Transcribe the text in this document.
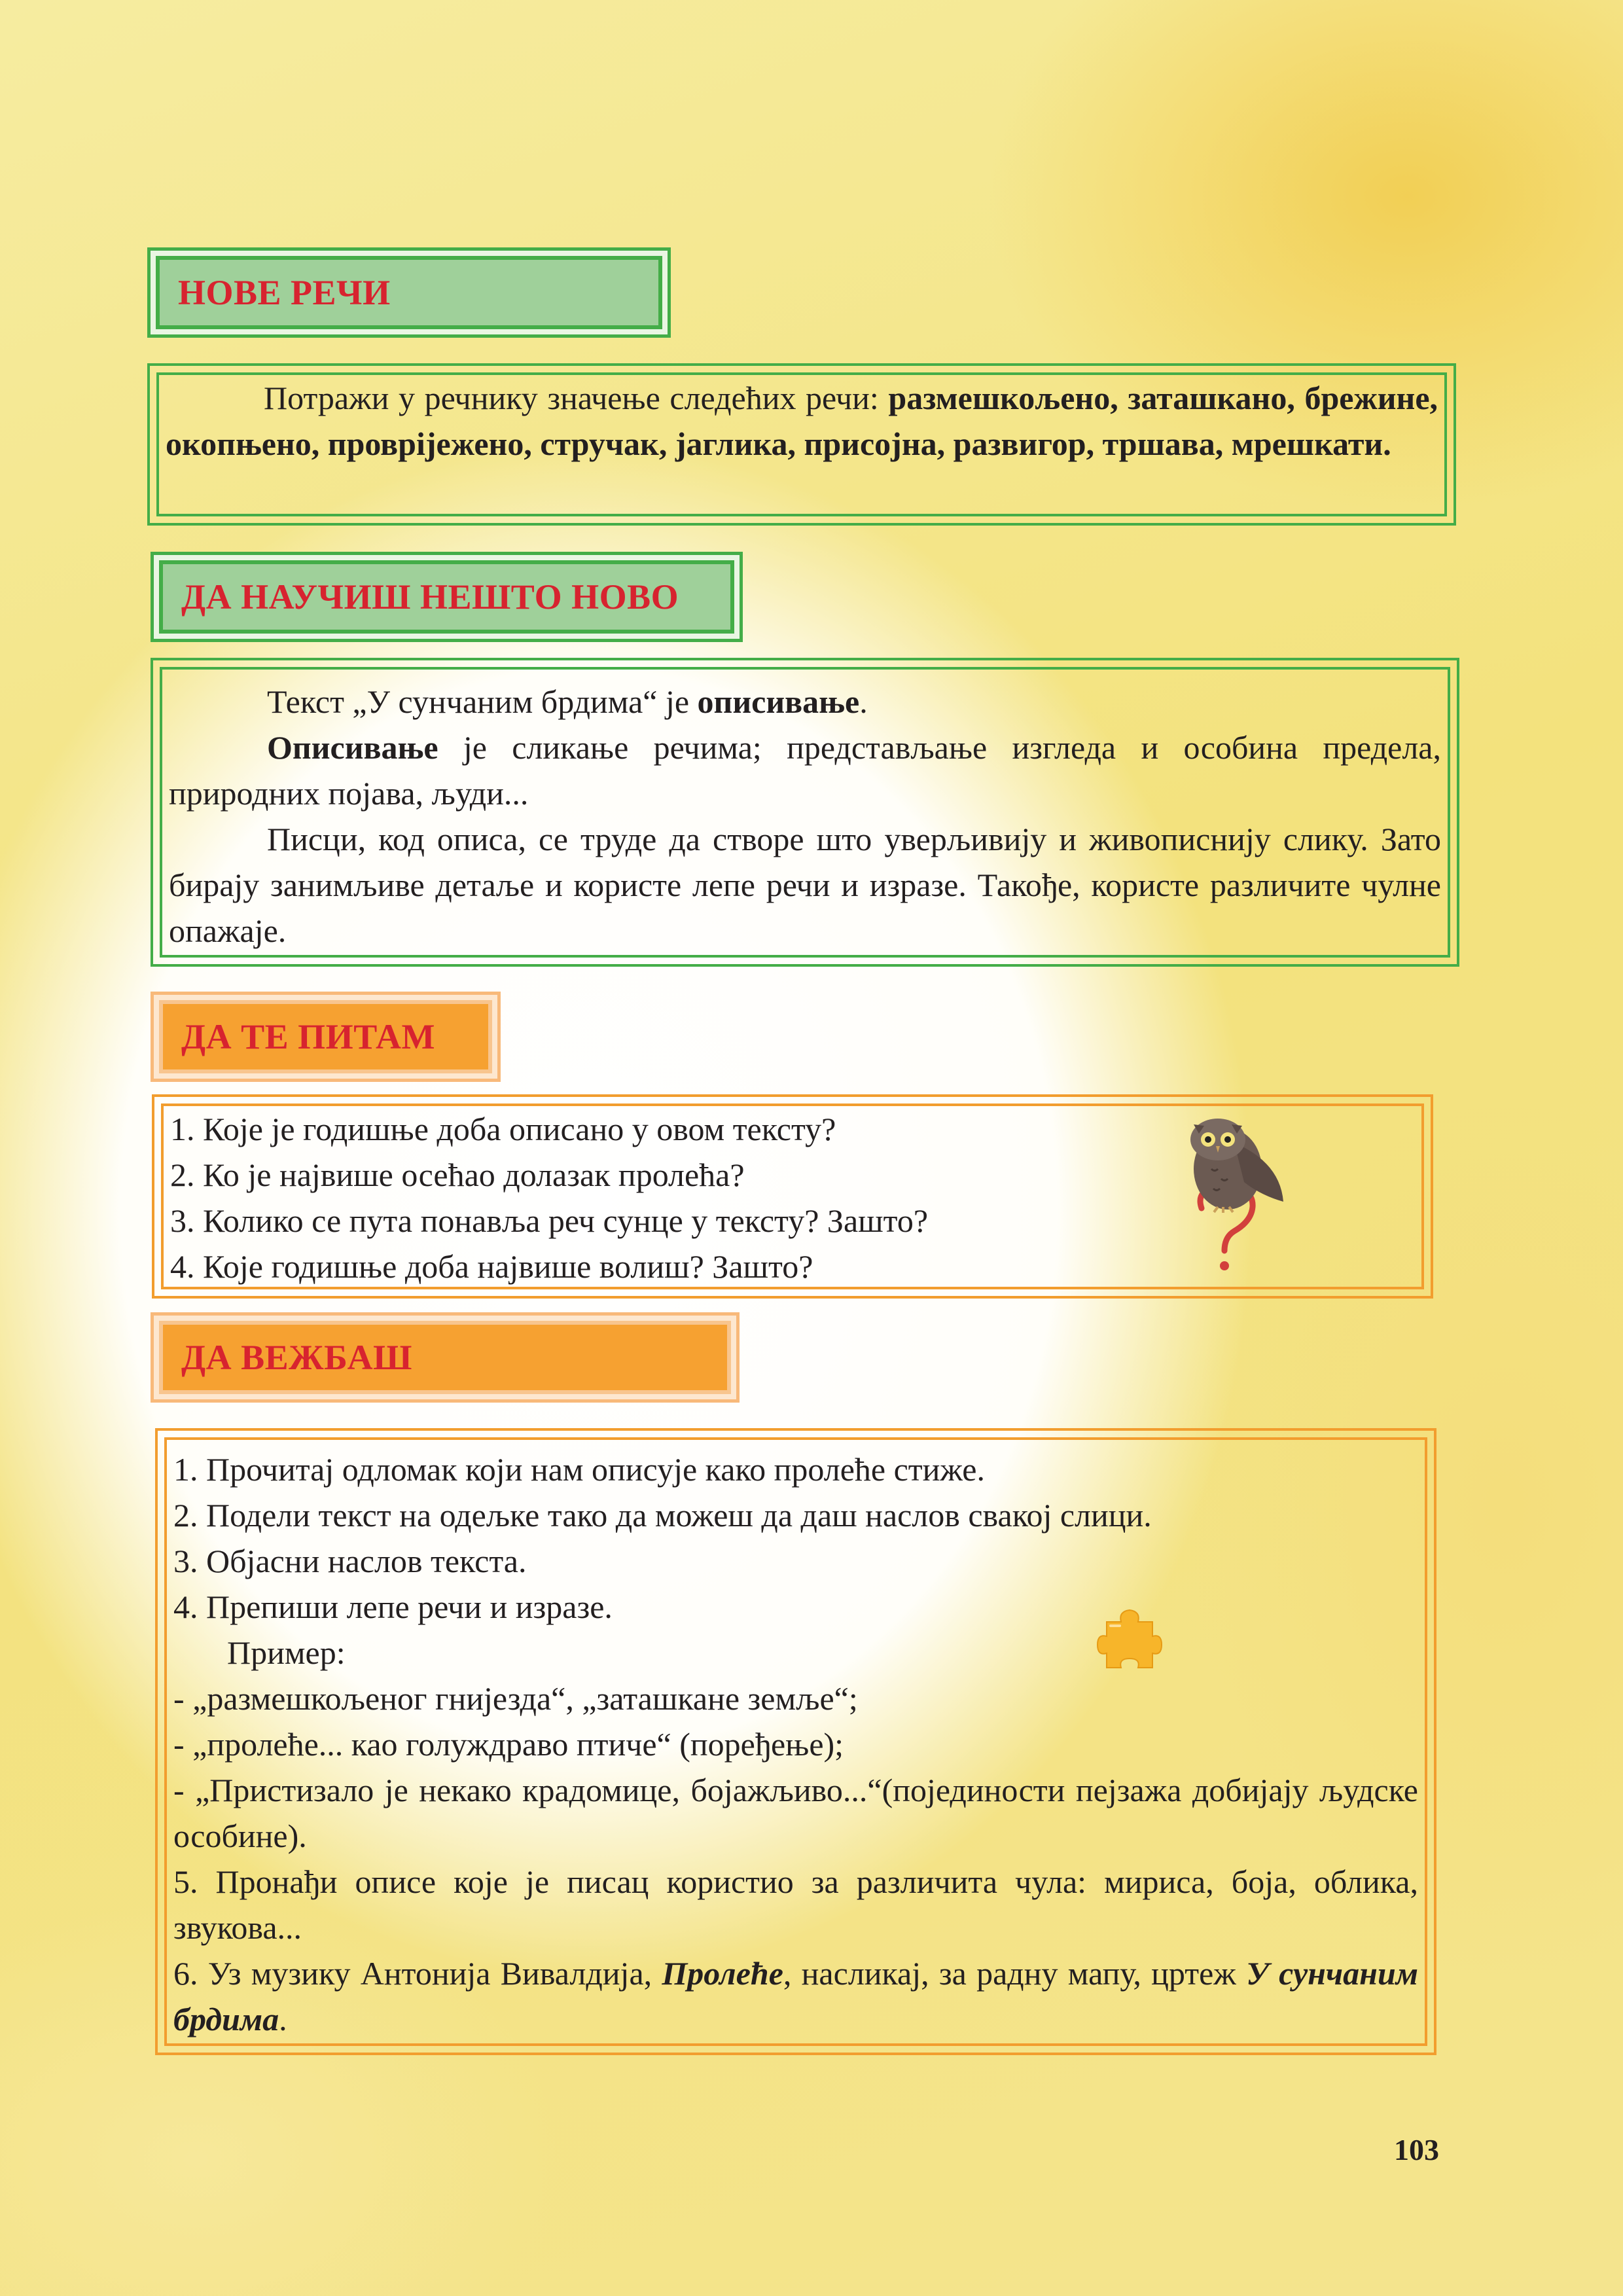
НОВЕ РЕЧИ

Потражи у речнику значење следећих речи: размешкољено, заташкано, брежине, окопњено, проврijежено, стручак, јаглика, присојна, развигор, тршава, мрешкати.

ДА НАУЧИШ НЕШТО НОВО

Текст „У сунчаним брдима“ је описивање.

Описивање је сликање речима; представљање изгледа и особина предела, природних појава, људи...

Писци, код описа, се труде да створе што уверљивију и живописнију слику. Зато бирају занимљиве детаље и користе лепе речи и изразе. Такође, користе различите чулне опажаје.

ДА ТЕ ПИТАМ

1. Које је годишње доба описано у овом тексту?

2. Ко је највише осећао долазак пролећа?

3. Колико се пута понавља реч сунце у тексту? Зашто?

4. Које годишње доба највише волиш? Зашто?

ДА ВЕЖБАШ

1. Прочитај одломак који нам описује како пролеће стиже.

2. Подели текст на одељке тако да можеш да даш наслов свакој слици.

3. Објасни наслов текста.

4. Препиши лепе речи и изразе.

Пример:

- „размешкољеног гнијезда“, „заташкане земље“;

- „пролеће... као голуждраво птиче“ (поређење);

- „Пристизало је некако крадомице, бојажљиво...“(појединости пејзажа добијају људске особине).

5. Пронађи описе које је писац користио за различита чула: мириса, боја, облика, звукова...

6. Уз музику Антонија Вивалдија, Пролеће, насликај, за радну мапу, цртеж У сунчаним брдима.

103
